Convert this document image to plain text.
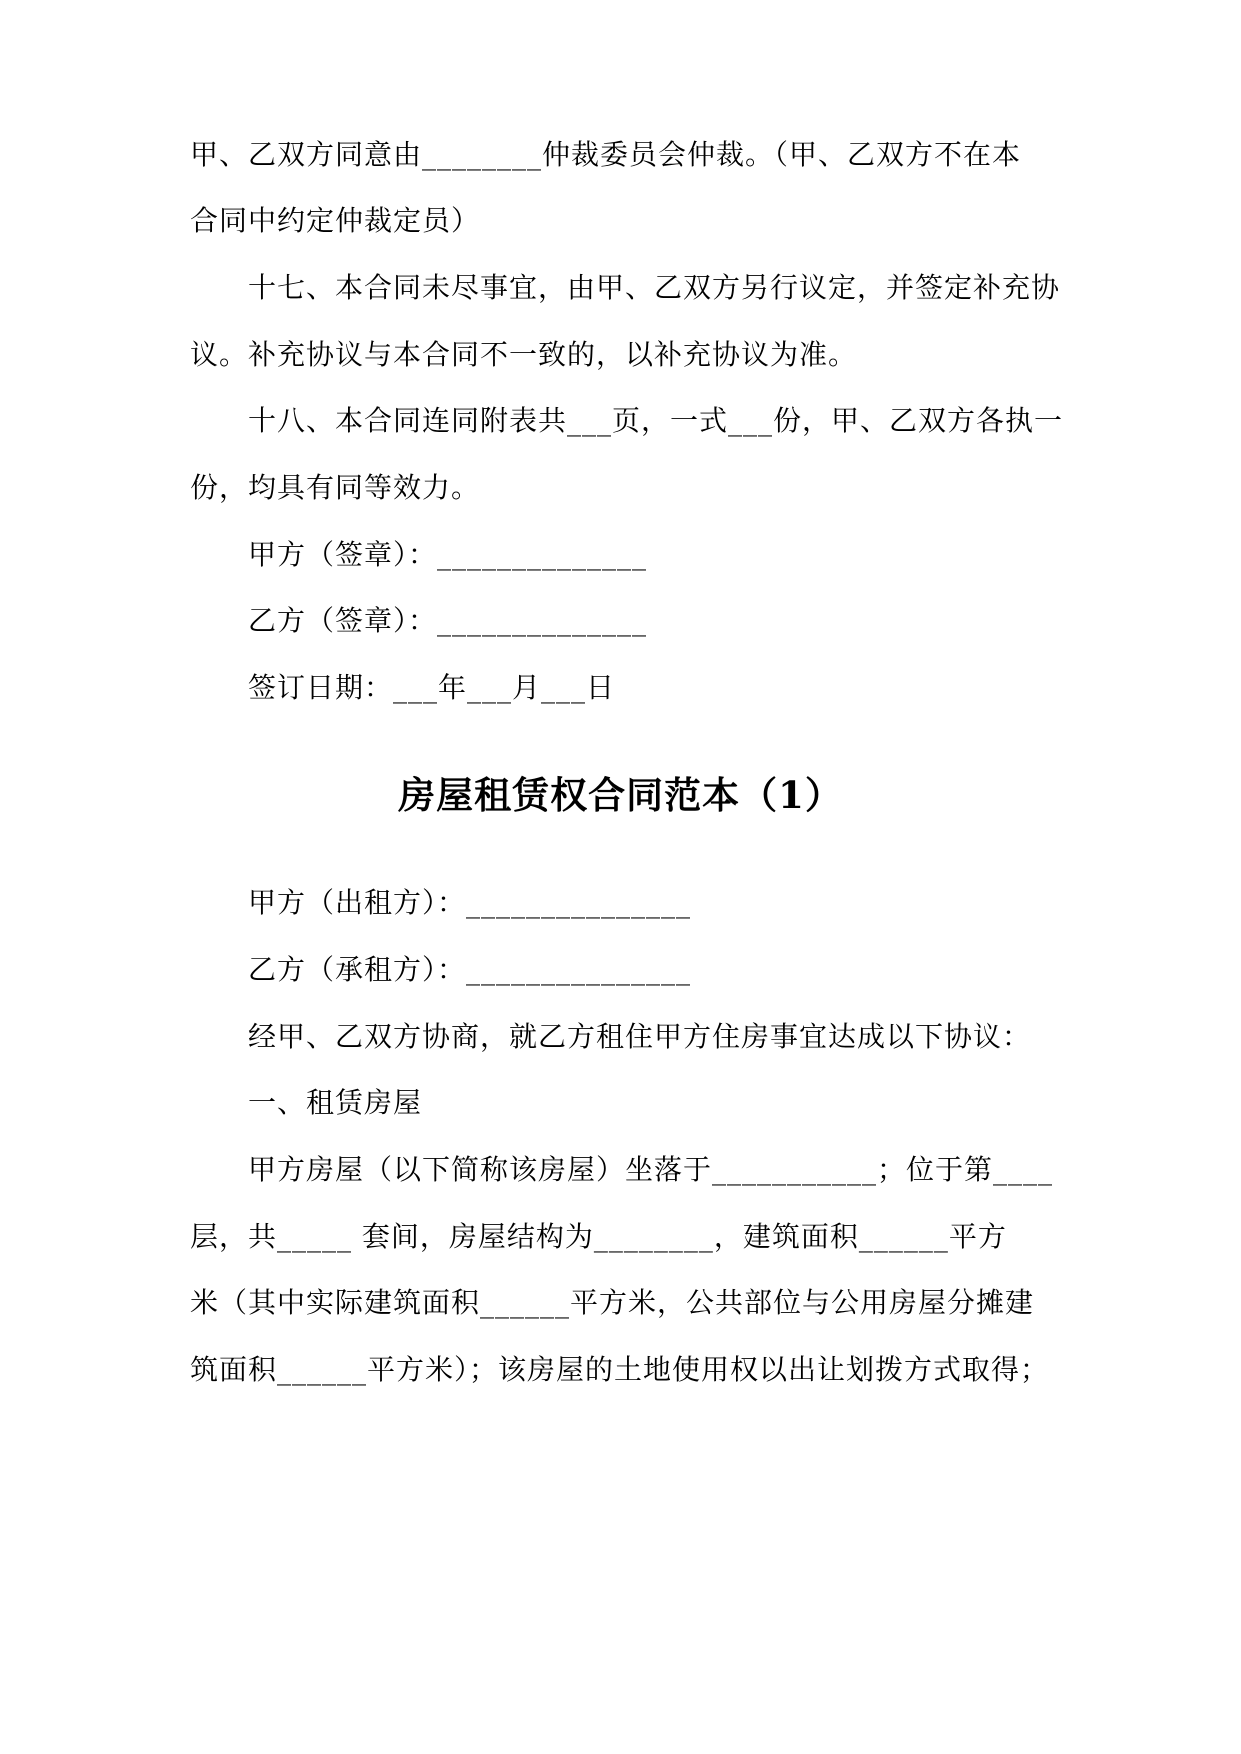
甲、乙双方同意由________仲裁委员会仲裁。（甲、乙双方不在本
合同中约定仲裁定员）
十七、本合同未尽事宜，由甲、乙双方另行议定，并签定补充协
议。补充协议与本合同不一致的，以补充协议为准。
十八、本合同连同附表共___页，一式___份，甲、乙双方各执一
份，均具有同等效力。
甲方（签章）：______________
乙方（签章）：______________
签订日期：___年___月___日
房屋租赁权合同范本（1）
甲方（出租方）：_______________
乙方（承租方）：_______________
经甲、乙双方协商，就乙方租住甲方住房事宜达成以下协议：
一、租赁房屋
甲方房屋（以下简称该房屋）坐落于___________；位于第____
层，共_____ 套间，房屋结构为________，建筑面积______平方
米（其中实际建筑面积______平方米，公共部位与公用房屋分摊建
筑面积______平方米）；该房屋的土地使用权以出让划拨方式取得；
